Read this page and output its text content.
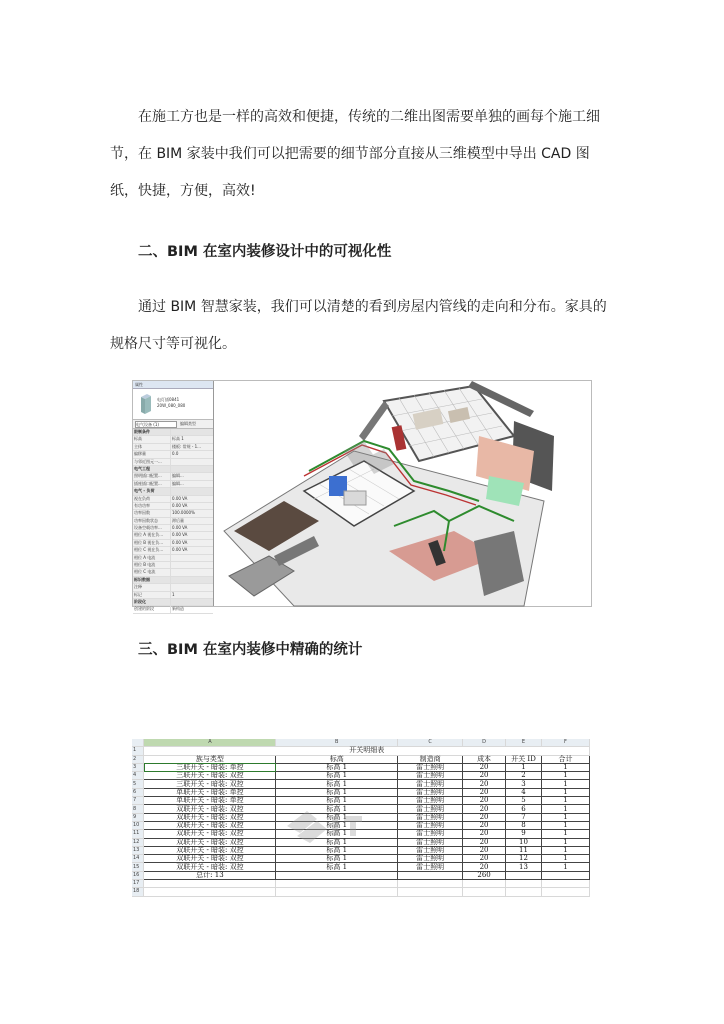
在施工方也是一样的高效和便捷，传统的二维出图需要单独的画每个施工细节，在 BIM 家装中我们可以把需要的细节部分直接从三维模型中导出 CAD 图纸，快捷，方便，高效!

二、BIM 在室内装修设计中的可视化性

通过 BIM 智慧家装，我们可以清楚的看到房屋内管线的走向和分布。家具的规格尺寸等可视化。

属性
电灯插0841
20W_080_080
电气设备 (1)	编辑类型
限制条件
标高	标高 1
主体	楼板: 常规 - 1...
偏移量	0.0
与邻近图元一...
电气工程
照明插口配置...	编辑...
插座插口配置...	编辑...
电气 - 负荷
视在负荷	0.00 VA
有功功率	0.00 VA
功率因数	100.0000%
功率因数状态	滞后量
设备空载功率...	0.00 VA
相位 A 视在负...	0.00 VA
相位 B 视在负...	0.00 VA
相位 C 视在负...	0.00 VA
相位 A 电流
相位 B 电流
相位 C 电流
标识数据
注释
标记	1
阶段化
创建的阶段	新构造
三、BIM 在室内装修中精确的统计
	A	B	C	D	E	F
1	开关明细表					
2	族与类型	标高	制造商	成本	开关 ID	合计
3	三联开关 - 暗装: 单控	标高 1	雷士照明	20	1	1
4	三联开关 - 暗装: 双控	标高 1	雷士照明	20	2	1
5	三联开关 - 暗装: 双控	标高 1	雷士照明	20	3	1
6	单联开关 - 暗装: 单控	标高 1	雷士照明	20	4	1
7	单联开关 - 暗装: 单控	标高 1	雷士照明	20	5	1
8	双联开关 - 暗装: 双控	标高 1	雷士照明	20	6	1
9	双联开关 - 暗装: 双控	标高 1	雷士照明	20	7	1
10	双联开关 - 暗装: 双控	标高 1	雷士照明	20	8	1
11	双联开关 - 暗装: 双控	标高 1	雷士照明	20	9	1
12	双联开关 - 暗装: 双控	标高 1	雷士照明	20	10	1
13	双联开关 - 暗装: 双控	标高 1	雷士照明	20	11	1
14	双联开关 - 暗装: 双控	标高 1	雷士照明	20	12	1
15	双联开关 - 暗装: 双控	标高 1	雷士照明	20	13	1
16	总计: 13			260		
17						
18						
